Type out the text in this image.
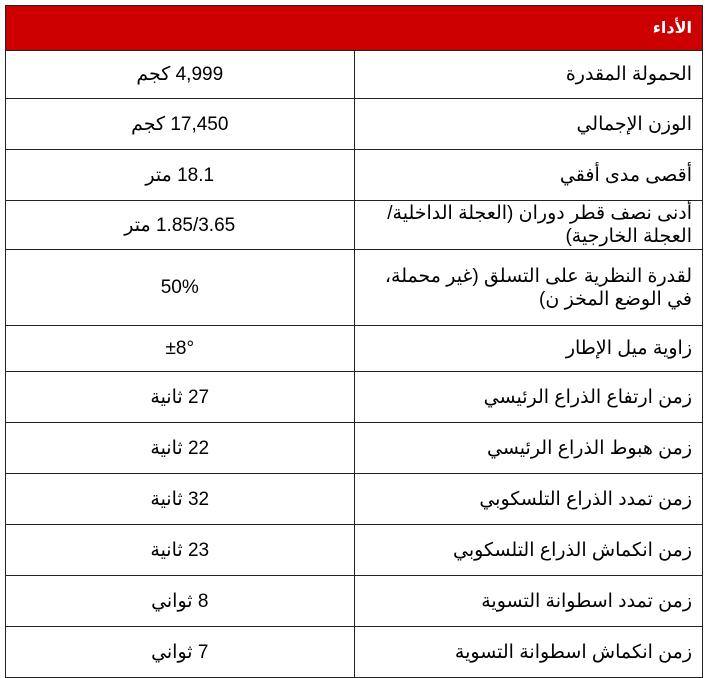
الأداء	
الحمولة المقدرة	4,999 كجم
الوزن الإجمالي	17,450 كجم
أقصى مدى أفقي	18.1 متر
أدنى نصف قطر دوران (العجلة الداخلية/العجلة الخارجية)	1.85/3.65 متر
لقدرة النظرية على التسلق (غير محملة، في الوضع المخز ن)	50%
زاوية ميل الإطار	±8°
زمن ارتفاع الذراع الرئيسي	27 ثانية
زمن هبوط الذراع الرئيسي	22 ثانية
زمن تمدد الذراع التلسكوبي	32 ثانية
زمن انكماش الذراع التلسكوبي	23 ثانية
زمن تمدد اسطوانة التسوية	8 ثواني
زمن انكماش اسطوانة التسوية	7 ثواني
